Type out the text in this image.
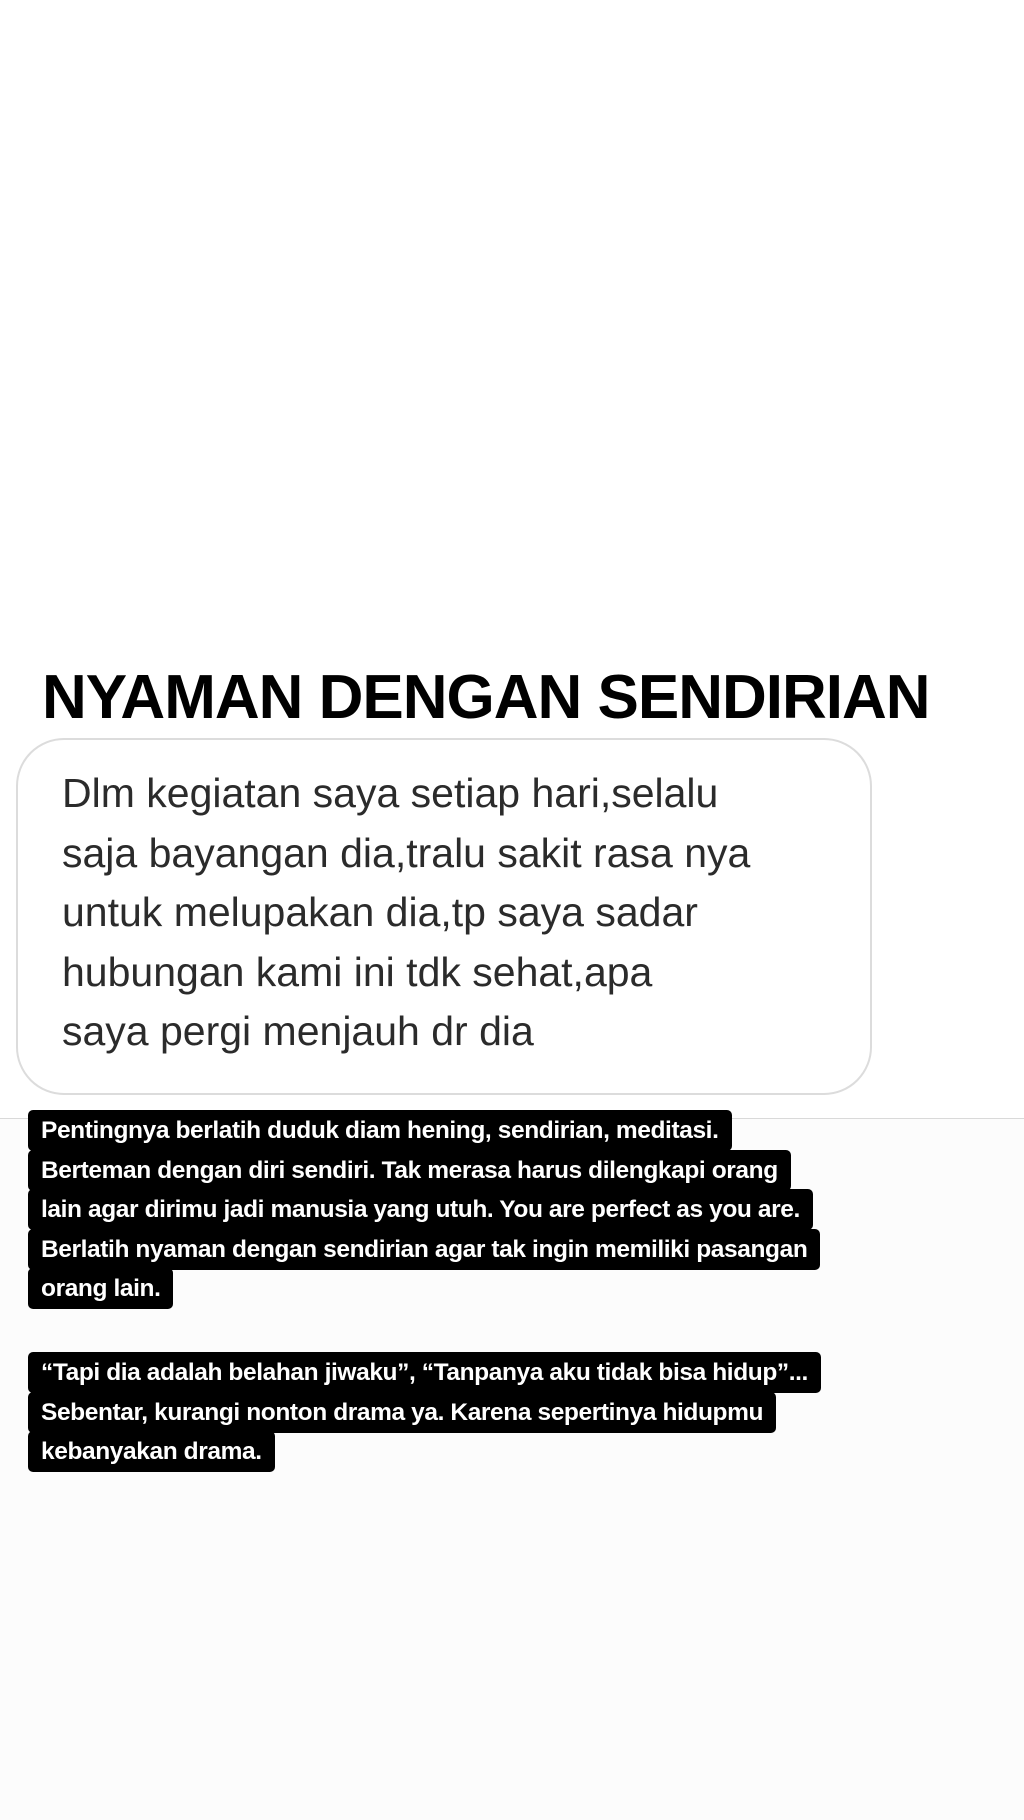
NYAMAN DENGAN SENDIRIAN

Dlm kegiatan saya setiap hari,selalu
saja bayangan dia,tralu sakit rasa nya
untuk melupakan dia,tp saya sadar
hubungan kami ini tdk sehat,apa
saya pergi menjauh dr dia

Pentingnya berlatih duduk diam hening, sendirian, meditasi.
Berteman dengan diri sendiri. Tak merasa harus dilengkapi orang
lain agar dirimu jadi manusia yang utuh. You are perfect as you are.
Berlatih nyaman dengan sendirian agar tak ingin memiliki pasangan
orang lain.

“Tapi dia adalah belahan jiwaku”, “Tanpanya aku tidak bisa hidup”...
Sebentar, kurangi nonton drama ya. Karena sepertinya hidupmu
kebanyakan drama.
